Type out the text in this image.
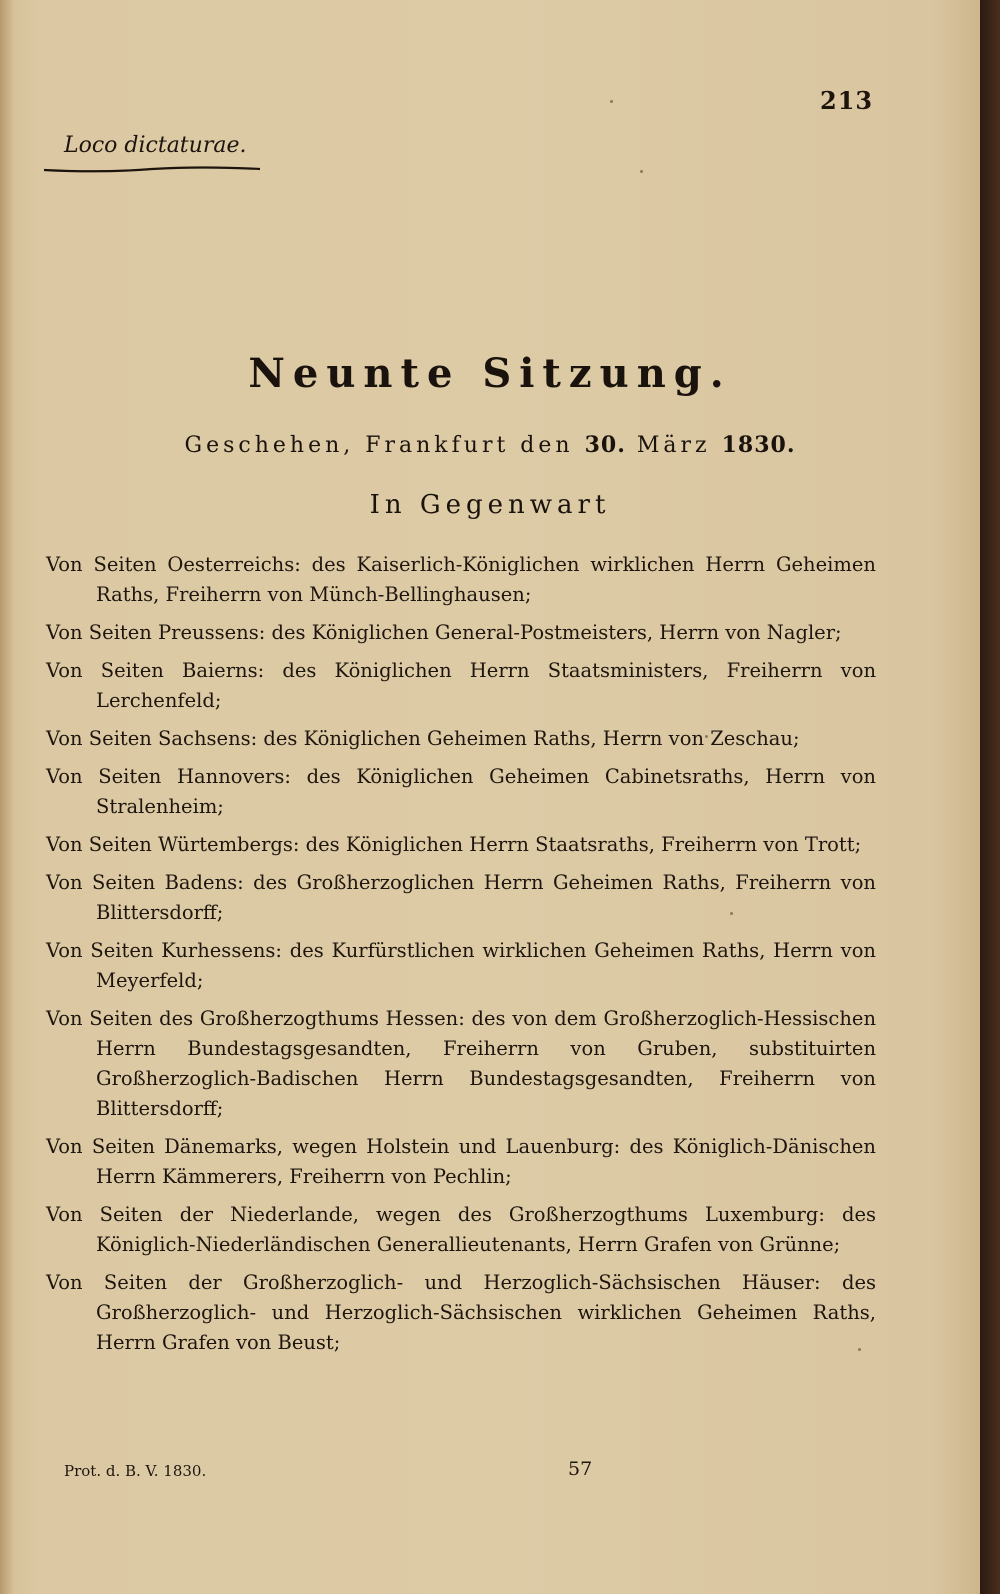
213
Loco dictaturae.
Neunte Sitzung.
Geschehen, Frankfurt den 30. März 1830.
In Gegenwart
Von Seiten Oesterreichs: des Kaiserlich-Königlichen wirklichen Herrn Geheimen Raths, Freiherrn von Münch-Bellinghausen;
Von Seiten Preussens: des Königlichen General-Postmeisters, Herrn von Nagler;
Von Seiten Baierns: des Königlichen Herrn Staatsministers, Freiherrn von Lerchenfeld;
Von Seiten Sachsens: des Königlichen Geheimen Raths, Herrn von Zeschau;
Von Seiten Hannovers: des Königlichen Geheimen Cabinetsraths, Herrn von Stralenheim;
Von Seiten Würtembergs: des Königlichen Herrn Staatsraths, Freiherrn von Trott;
Von Seiten Badens: des Großherzoglichen Herrn Geheimen Raths, Freiherrn von Blittersdorff;
Von Seiten Kurhessens: des Kurfürstlichen wirklichen Geheimen Raths, Herrn von Meyerfeld;
Von Seiten des Großherzogthums Hessen: des von dem Großherzoglich-Hessischen Herrn Bundestagsgesandten, Freiherrn von Gruben, substituirten Großherzoglich-Badischen Herrn Bundestagsgesandten, Freiherrn von Blittersdorff;
Von Seiten Dänemarks, wegen Holstein und Lauenburg: des Königlich-Dänischen Herrn Kämmerers, Freiherrn von Pechlin;
Von Seiten der Niederlande, wegen des Großherzogthums Luxemburg: des Königlich-Niederländischen Generallieutenants, Herrn Grafen von Grünne;
Von Seiten der Großherzoglich- und Herzoglich-Sächsischen Häuser: des Großherzoglich- und Herzoglich-Sächsischen wirklichen Geheimen Raths, Herrn Grafen von Beust;
Prot. d. B. V. 1830.	57
